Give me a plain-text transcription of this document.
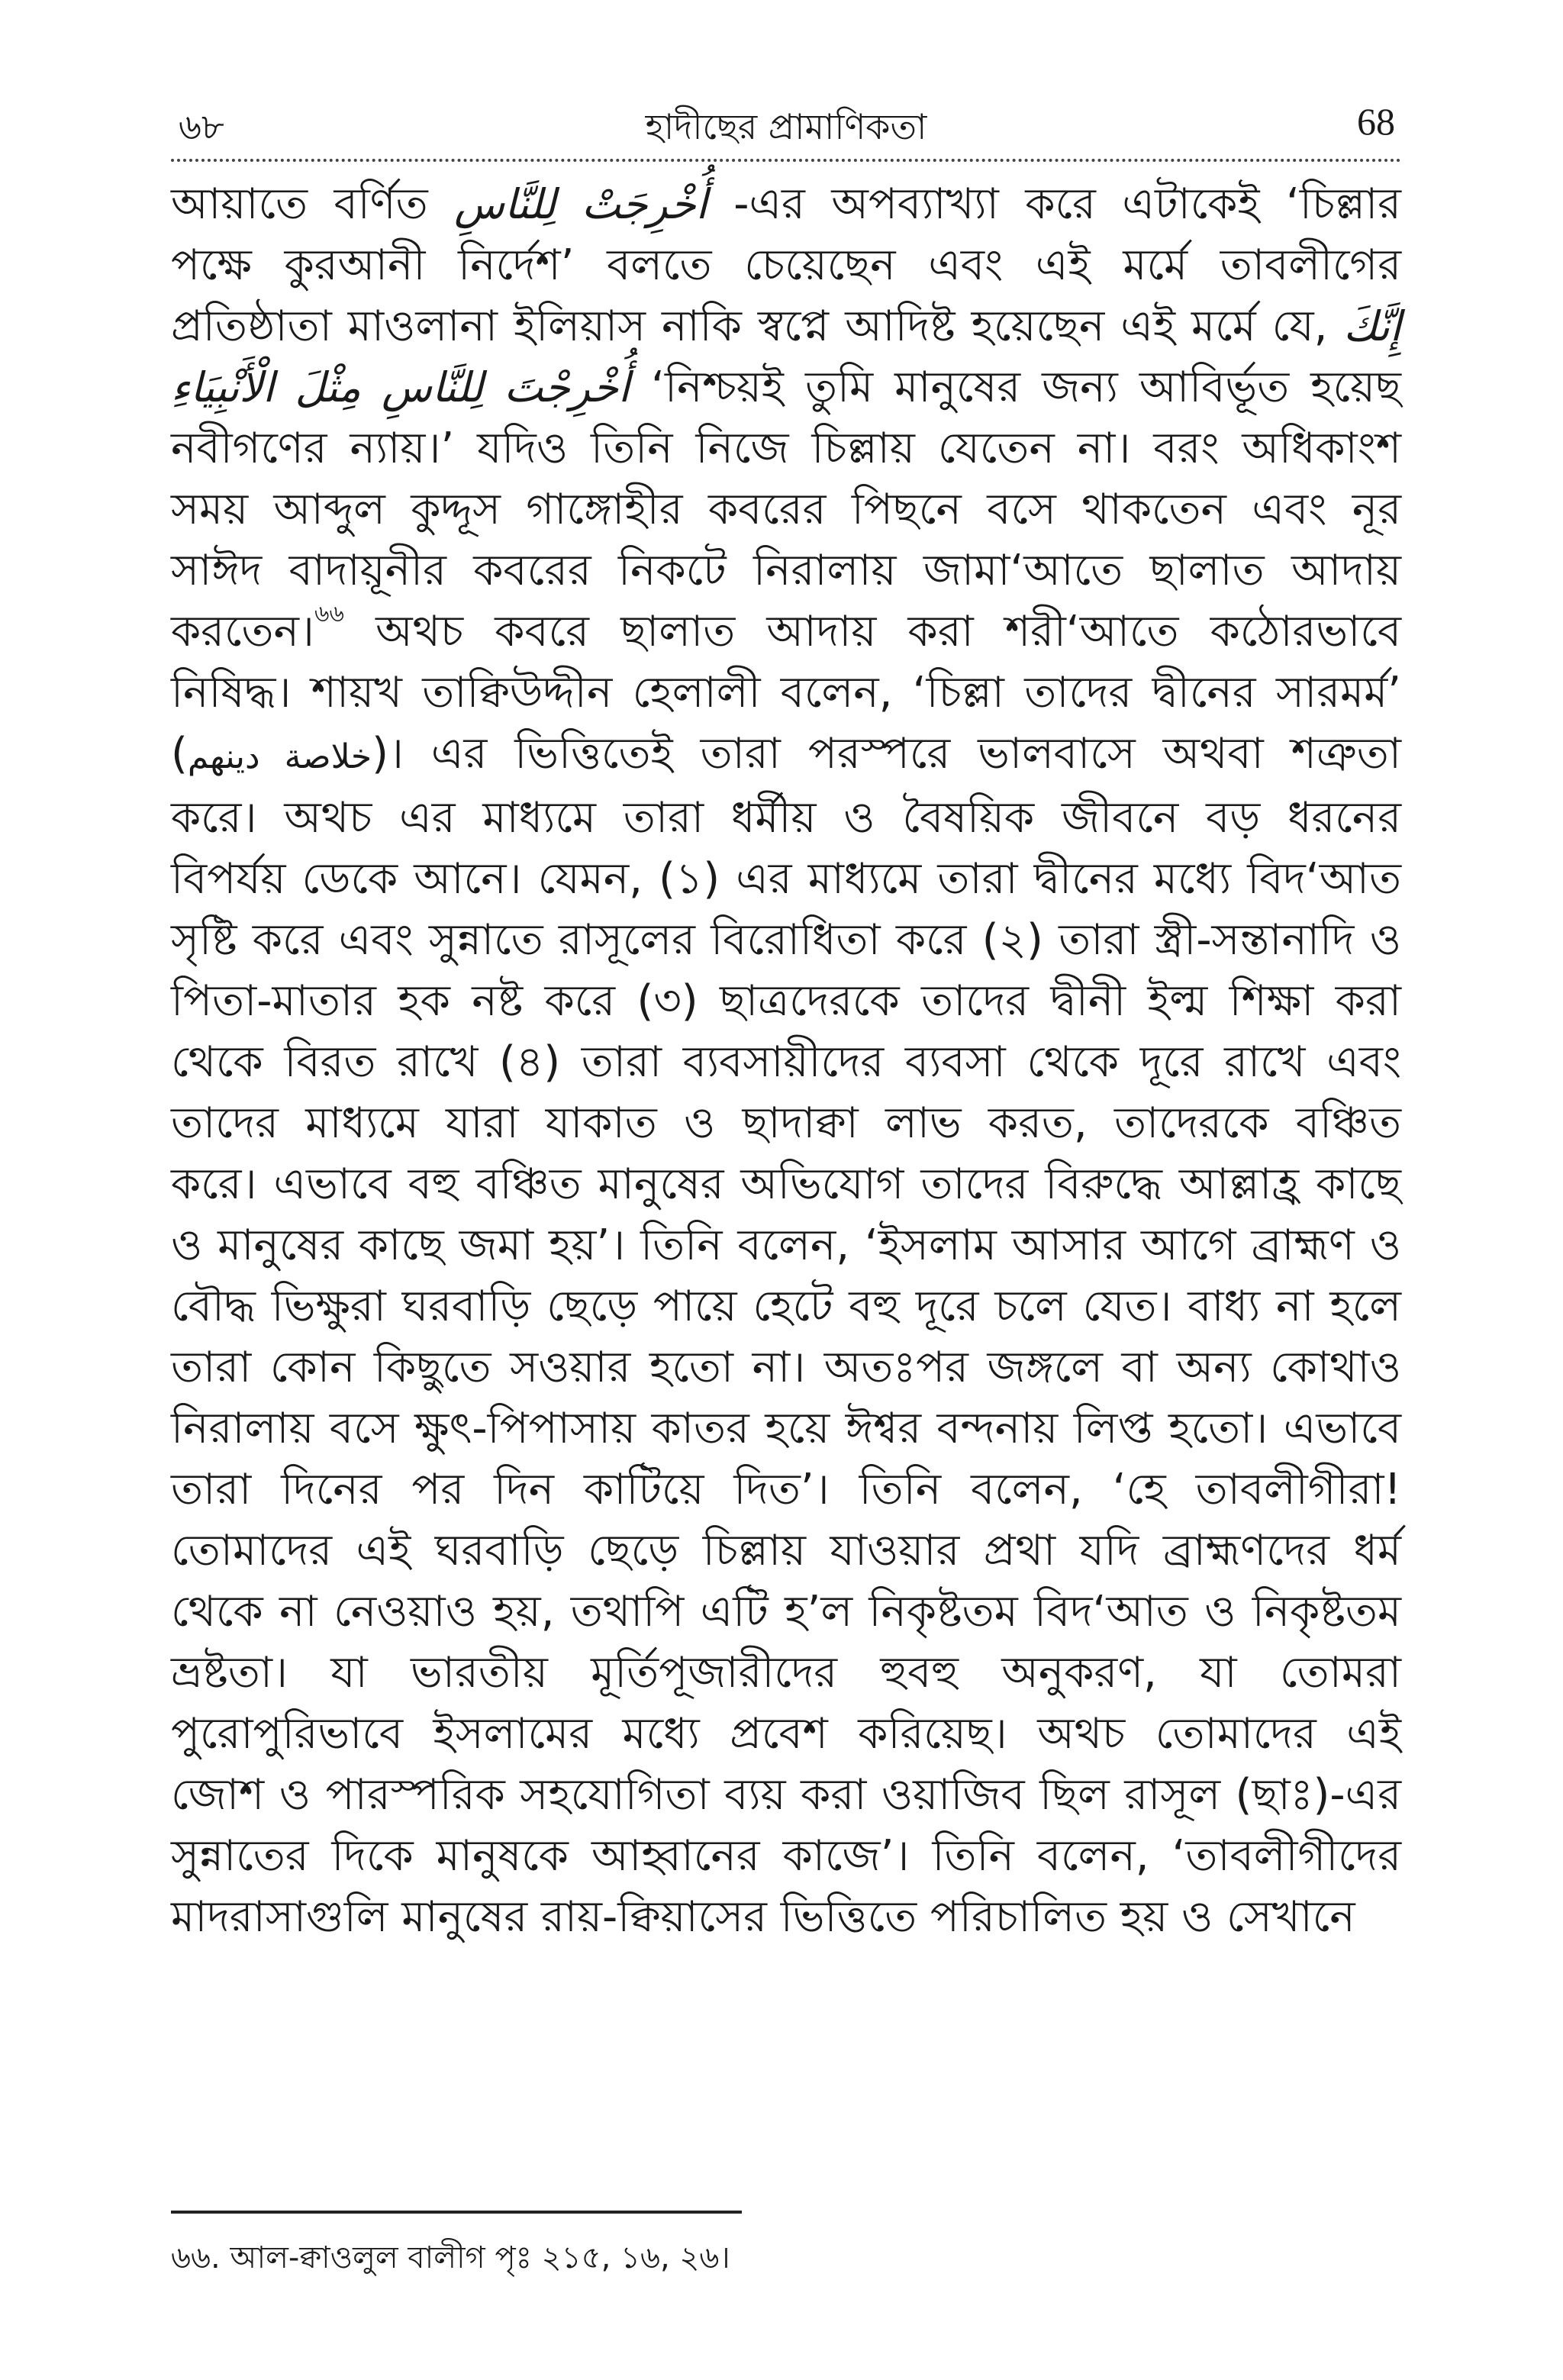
৬৮	হাদীছের প্রামাণিকতা	68

আয়াতে বর্ণিত أُخْرِجَتْ لِلنَّاسِ -এর অপব্যাখ্যা করে এটাকেই ‘চিল্লার

পক্ষে কুরআনী নির্দেশ’ বলতে চেয়েছেন এবং এই মর্মে তাবলীগের

প্রতিষ্ঠাতা মাওলানা ইলিয়াস নাকি স্বপ্নে আদিষ্ট হয়েছেন এই মর্মে যে, إِنَّكَ

أُخْرِجْتَ لِلنَّاسِ مِثْلَ الْأَنْبِيَاءِ ‘নিশ্চয়ই তুমি মানুষের জন্য আবির্ভূত হয়েছ

নবীগণের ন্যায়।’ যদিও তিনি নিজে চিল্লায় যেতেন না। বরং অধিকাংশ

সময় আব্দুল কুদ্দূস গাঙ্গোহীর কবরের পিছনে বসে থাকতেন এবং নূর

সাঈদ বাদায়ূনীর কবরের নিকটে নিরালায় জামা‘আতে ছালাত আদায়

করতেন।$^{৬৬}$ অথচ কবরে ছালাত আদায় করা শরী‘আতে কঠোরভাবে

নিষিদ্ধ। শায়খ তাক্বিউদ্দীন হেলালী বলেন, ‘চিল্লা তাদের দ্বীনের সারমর্ম’

(خلاصة دينهم)। এর ভিত্তিতেই তারা পরস্পরে ভালবাসে অথবা শত্রুতা

করে। অথচ এর মাধ্যমে তারা ধর্মীয় ও বৈষয়িক জীবনে বড় ধরনের

বিপর্যয় ডেকে আনে। যেমন, (১) এর মাধ্যমে তারা দ্বীনের মধ্যে বিদ‘আত

সৃষ্টি করে এবং সুন্নাতে রাসূলের বিরোধিতা করে (২) তারা স্ত্রী-সন্তানাদি ও

পিতা-মাতার হক নষ্ট করে (৩) ছাত্রদেরকে তাদের দ্বীনী ইল্ম শিক্ষা করা

থেকে বিরত রাখে (৪) তারা ব্যবসায়ীদের ব্যবসা থেকে দূরে রাখে এবং

তাদের মাধ্যমে যারা যাকাত ও ছাদাক্বা লাভ করত, তাদেরকে বঞ্চিত

করে। এভাবে বহু বঞ্চিত মানুষের অভিযোগ তাদের বিরুদ্ধে আল্লাহ্র কাছে

ও মানুষের কাছে জমা হয়’। তিনি বলেন, ‘ইসলাম আসার আগে ব্রাহ্মণ ও

বৌদ্ধ ভিক্ষুরা ঘরবাড়ি ছেড়ে পায়ে হেটে বহু দূরে চলে যেত। বাধ্য না হলে

তারা কোন কিছুতে সওয়ার হতো না। অতঃপর জঙ্গলে বা অন্য কোথাও

নিরালায় বসে ক্ষুৎ-পিপাসায় কাতর হয়ে ঈশ্বর বন্দনায় লিপ্ত হতো। এভাবে

তারা দিনের পর দিন কাটিয়ে দিত’। তিনি বলেন, ‘হে তাবলীগীরা!

তোমাদের এই ঘরবাড়ি ছেড়ে চিল্লায় যাওয়ার প্রথা যদি ব্রাহ্মণদের ধর্ম

থেকে না নেওয়াও হয়, তথাপি এটি হ’ল নিকৃষ্টতম বিদ‘আত ও নিকৃষ্টতম

ভ্রষ্টতা। যা ভারতীয় মূর্তিপূজারীদের হুবহু অনুকরণ, যা তোমরা

পুরোপুরিভাবে ইসলামের মধ্যে প্রবেশ করিয়েছ। অথচ তোমাদের এই

জোশ ও পারস্পরিক সহযোগিতা ব্যয় করা ওয়াজিব ছিল রাসূল (ছাঃ)-এর

সুন্নাতের দিকে মানুষকে আহ্বানের কাজে’। তিনি বলেন, ‘তাবলীগীদের

মাদরাসাগুলি মানুষের রায়-ক্বিয়াসের ভিত্তিতে পরিচালিত হয় ও সেখানে

৬৬. আল-ক্বাওলুল বালীগ পৃঃ ২১৫, ১৬, ২৬।
